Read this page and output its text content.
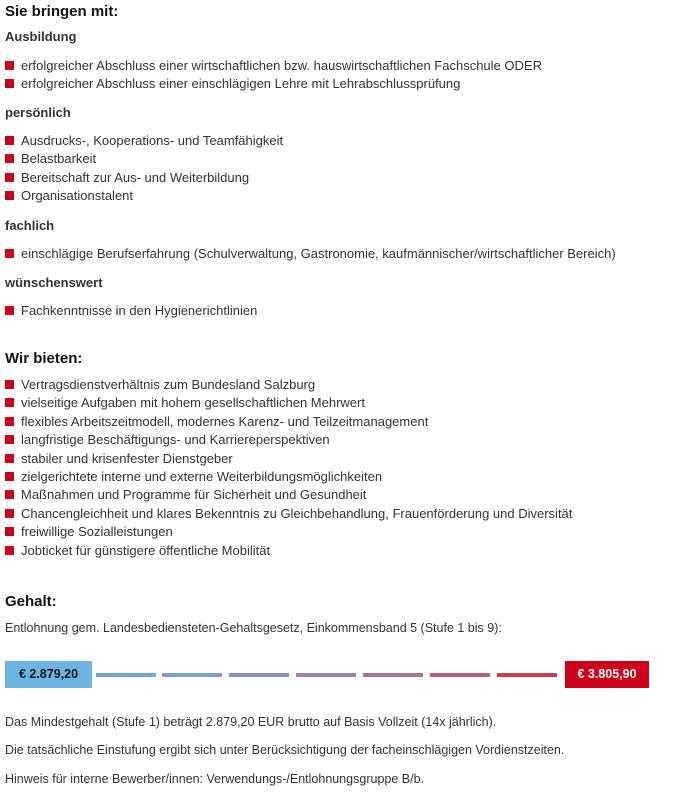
Sie bringen mit:
Ausbildung
erfolgreicher Abschluss einer wirtschaftlichen bzw. hauswirtschaftlichen Fachschule ODER
erfolgreicher Abschluss einer einschlägigen Lehre mit Lehrabschlussprüfung
persönlich
Ausdrucks-, Kooperations- und Teamfähigkeit
Belastbarkeit
Bereitschaft zur Aus- und Weiterbildung
Organisationstalent
fachlich
einschlägige Berufserfahrung (Schulverwaltung, Gastronomie, kaufmännischer/wirtschaftlicher Bereich)
wünschenswert
Fachkenntnisse in den Hygienerichtlinien
Wir bieten:
Vertragsdienstverhältnis zum Bundesland Salzburg
vielseitige Aufgaben mit hohem gesellschaftlichen Mehrwert
flexibles Arbeitszeitmodell, modernes Karenz- und Teilzeitmanagement
langfristige Beschäftigungs- und Karriereperspektiven
stabiler und krisenfester Dienstgeber
zielgerichtete interne und externe Weiterbildungsmöglichkeiten
Maßnahmen und Programme für Sicherheit und Gesundheit
Chancengleichheit und klares Bekenntnis zu Gleichbehandlung, Frauenförderung und Diversität
freiwillige Sozialleistungen
Jobticket für günstigere öffentliche Mobilität
Gehalt:
Entlohnung gem. Landesbediensteten-Gehaltsgesetz, Einkommensband 5 (Stufe 1 bis 9):
€ 2.879,20	€ 3.805,90
Das Mindestgehalt (Stufe 1) beträgt 2.879,20 EUR brutto auf Basis Vollzeit (14x jährlich).
Die tatsächliche Einstufung ergibt sich unter Berücksichtigung der facheinschlägigen Vordienstzeiten.
Hinweis für interne Bewerber/innen: Verwendungs-/Entlohnungsgruppe B/b.
